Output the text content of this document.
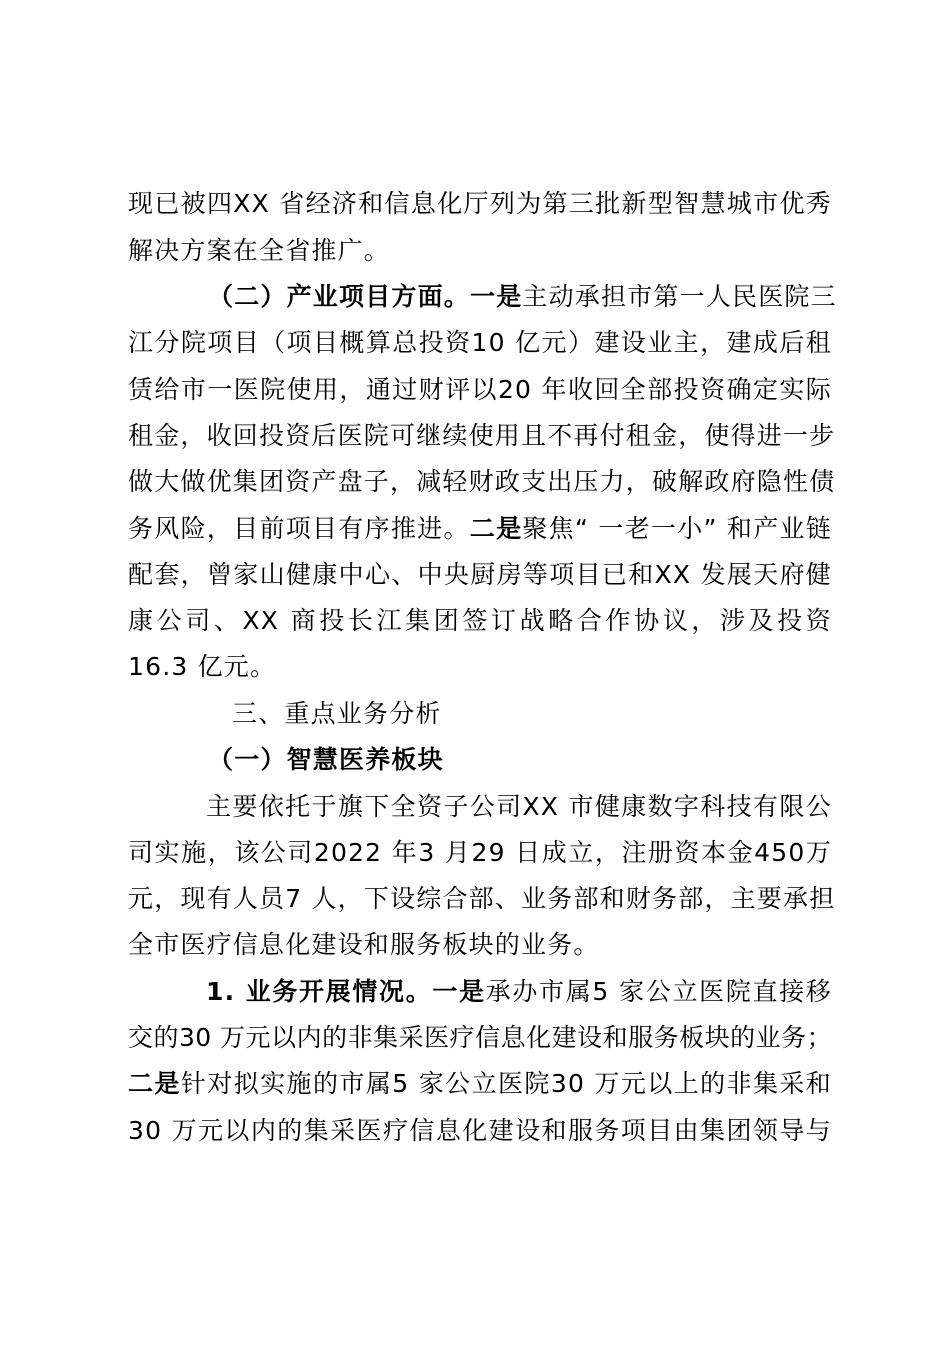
现已被四XX 省经济和信息化厅列为第三批新型智慧城市优秀
解决方案在全省推广。
（二）产业项目方面。一是主动承担市第一人民医院三
江分院项目（项目概算总投资10 亿元）建设业主，建成后租
赁给市一医院使用，通过财评以20 年收回全部投资确定实际
租金，收回投资后医院可继续使用且不再付租金，使得进一步
做大做优集团资产盘子，减轻财政支出压力，破解政府隐性债
务风险，目前项目有序推进。二是聚焦“ 一老一小” 和产业链
配套，曾家山健康中心、中央厨房等项目已和XX 发展天府健
康公司、XX 商投长江集团签订战略合作协议，涉及投资
16.3 亿元。
三、重点业务分析
（一）智慧医养板块
主要依托于旗下全资子公司XX 市健康数字科技有限公
司实施，该公司2022 年3 月29 日成立，注册资本金450万
元，现有人员7 人，下设综合部、业务部和财务部，主要承担
全市医疗信息化建设和服务板块的业务。
1. 业务开展情况。一是承办市属5 家公立医院直接移
交的30 万元以内的非集采医疗信息化建设和服务板块的业务；
二是针对拟实施的市属5 家公立医院30 万元以上的非集采和
30 万元以内的集采医疗信息化建设和服务项目由集团领导与
